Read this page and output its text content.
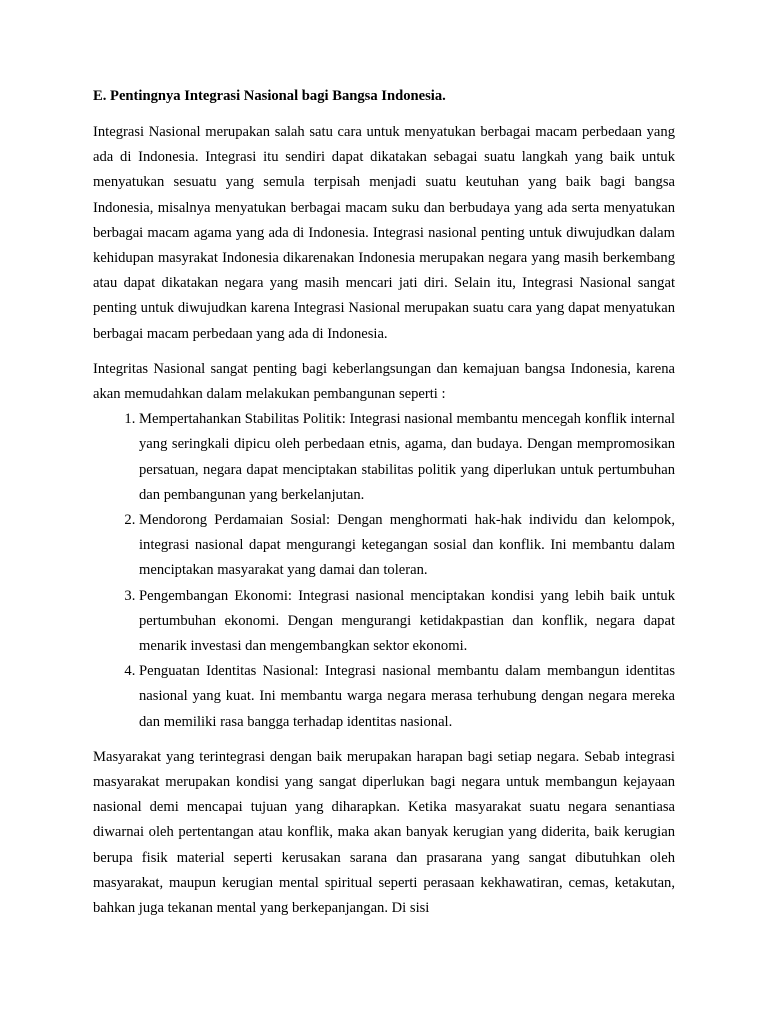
E. Pentingnya Integrasi Nasional bagi Bangsa Indonesia.

Integrasi Nasional merupakan salah satu cara untuk menyatukan berbagai macam perbedaan yang ada di Indonesia. Integrasi itu sendiri dapat dikatakan sebagai suatu langkah yang baik untuk menyatukan sesuatu yang semula terpisah menjadi suatu keutuhan yang baik bagi bangsa Indonesia, misalnya menyatukan berbagai macam suku dan berbudaya yang ada serta menyatukan berbagai macam agama yang ada di Indonesia. Integrasi nasional penting untuk diwujudkan dalam kehidupan masyrakat Indonesia dikarenakan Indonesia merupakan negara yang masih berkembang atau dapat dikatakan negara yang masih mencari jati diri. Selain itu, Integrasi Nasional sangat penting untuk diwujudkan karena Integrasi Nasional merupakan suatu cara yang dapat menyatukan berbagai macam perbedaan yang ada di Indonesia.

Integritas Nasional sangat penting bagi keberlangsungan dan kemajuan bangsa Indonesia, karena akan memudahkan dalam melakukan pembangunan seperti :

1. Mempertahankan Stabilitas Politik: Integrasi nasional membantu mencegah konflik internal yang seringkali dipicu oleh perbedaan etnis, agama, dan budaya. Dengan mempromosikan persatuan, negara dapat menciptakan stabilitas politik yang diperlukan untuk pertumbuhan dan pembangunan yang berkelanjutan.
2. Mendorong Perdamaian Sosial: Dengan menghormati hak-hak individu dan kelompok, integrasi nasional dapat mengurangi ketegangan sosial dan konflik. Ini membantu dalam menciptakan masyarakat yang damai dan toleran.
3. Pengembangan Ekonomi: Integrasi nasional menciptakan kondisi yang lebih baik untuk pertumbuhan ekonomi. Dengan mengurangi ketidakpastian dan konflik, negara dapat menarik investasi dan mengembangkan sektor ekonomi.
4. Penguatan Identitas Nasional: Integrasi nasional membantu dalam membangun identitas nasional yang kuat. Ini membantu warga negara merasa terhubung dengan negara mereka dan memiliki rasa bangga terhadap identitas nasional.

Masyarakat yang terintegrasi dengan baik merupakan harapan bagi setiap negara. Sebab integrasi masyarakat merupakan kondisi yang sangat diperlukan bagi negara untuk membangun kejayaan nasional demi mencapai tujuan yang diharapkan. Ketika masyarakat suatu negara senantiasa diwarnai oleh pertentangan atau konflik, maka akan banyak kerugian yang diderita, baik kerugian berupa fisik material seperti kerusakan sarana dan prasarana yang sangat dibutuhkan oleh masyarakat, maupun kerugian mental spiritual seperti perasaan kekhawatiran, cemas, ketakutan, bahkan juga tekanan mental yang berkepanjangan. Di sisi
